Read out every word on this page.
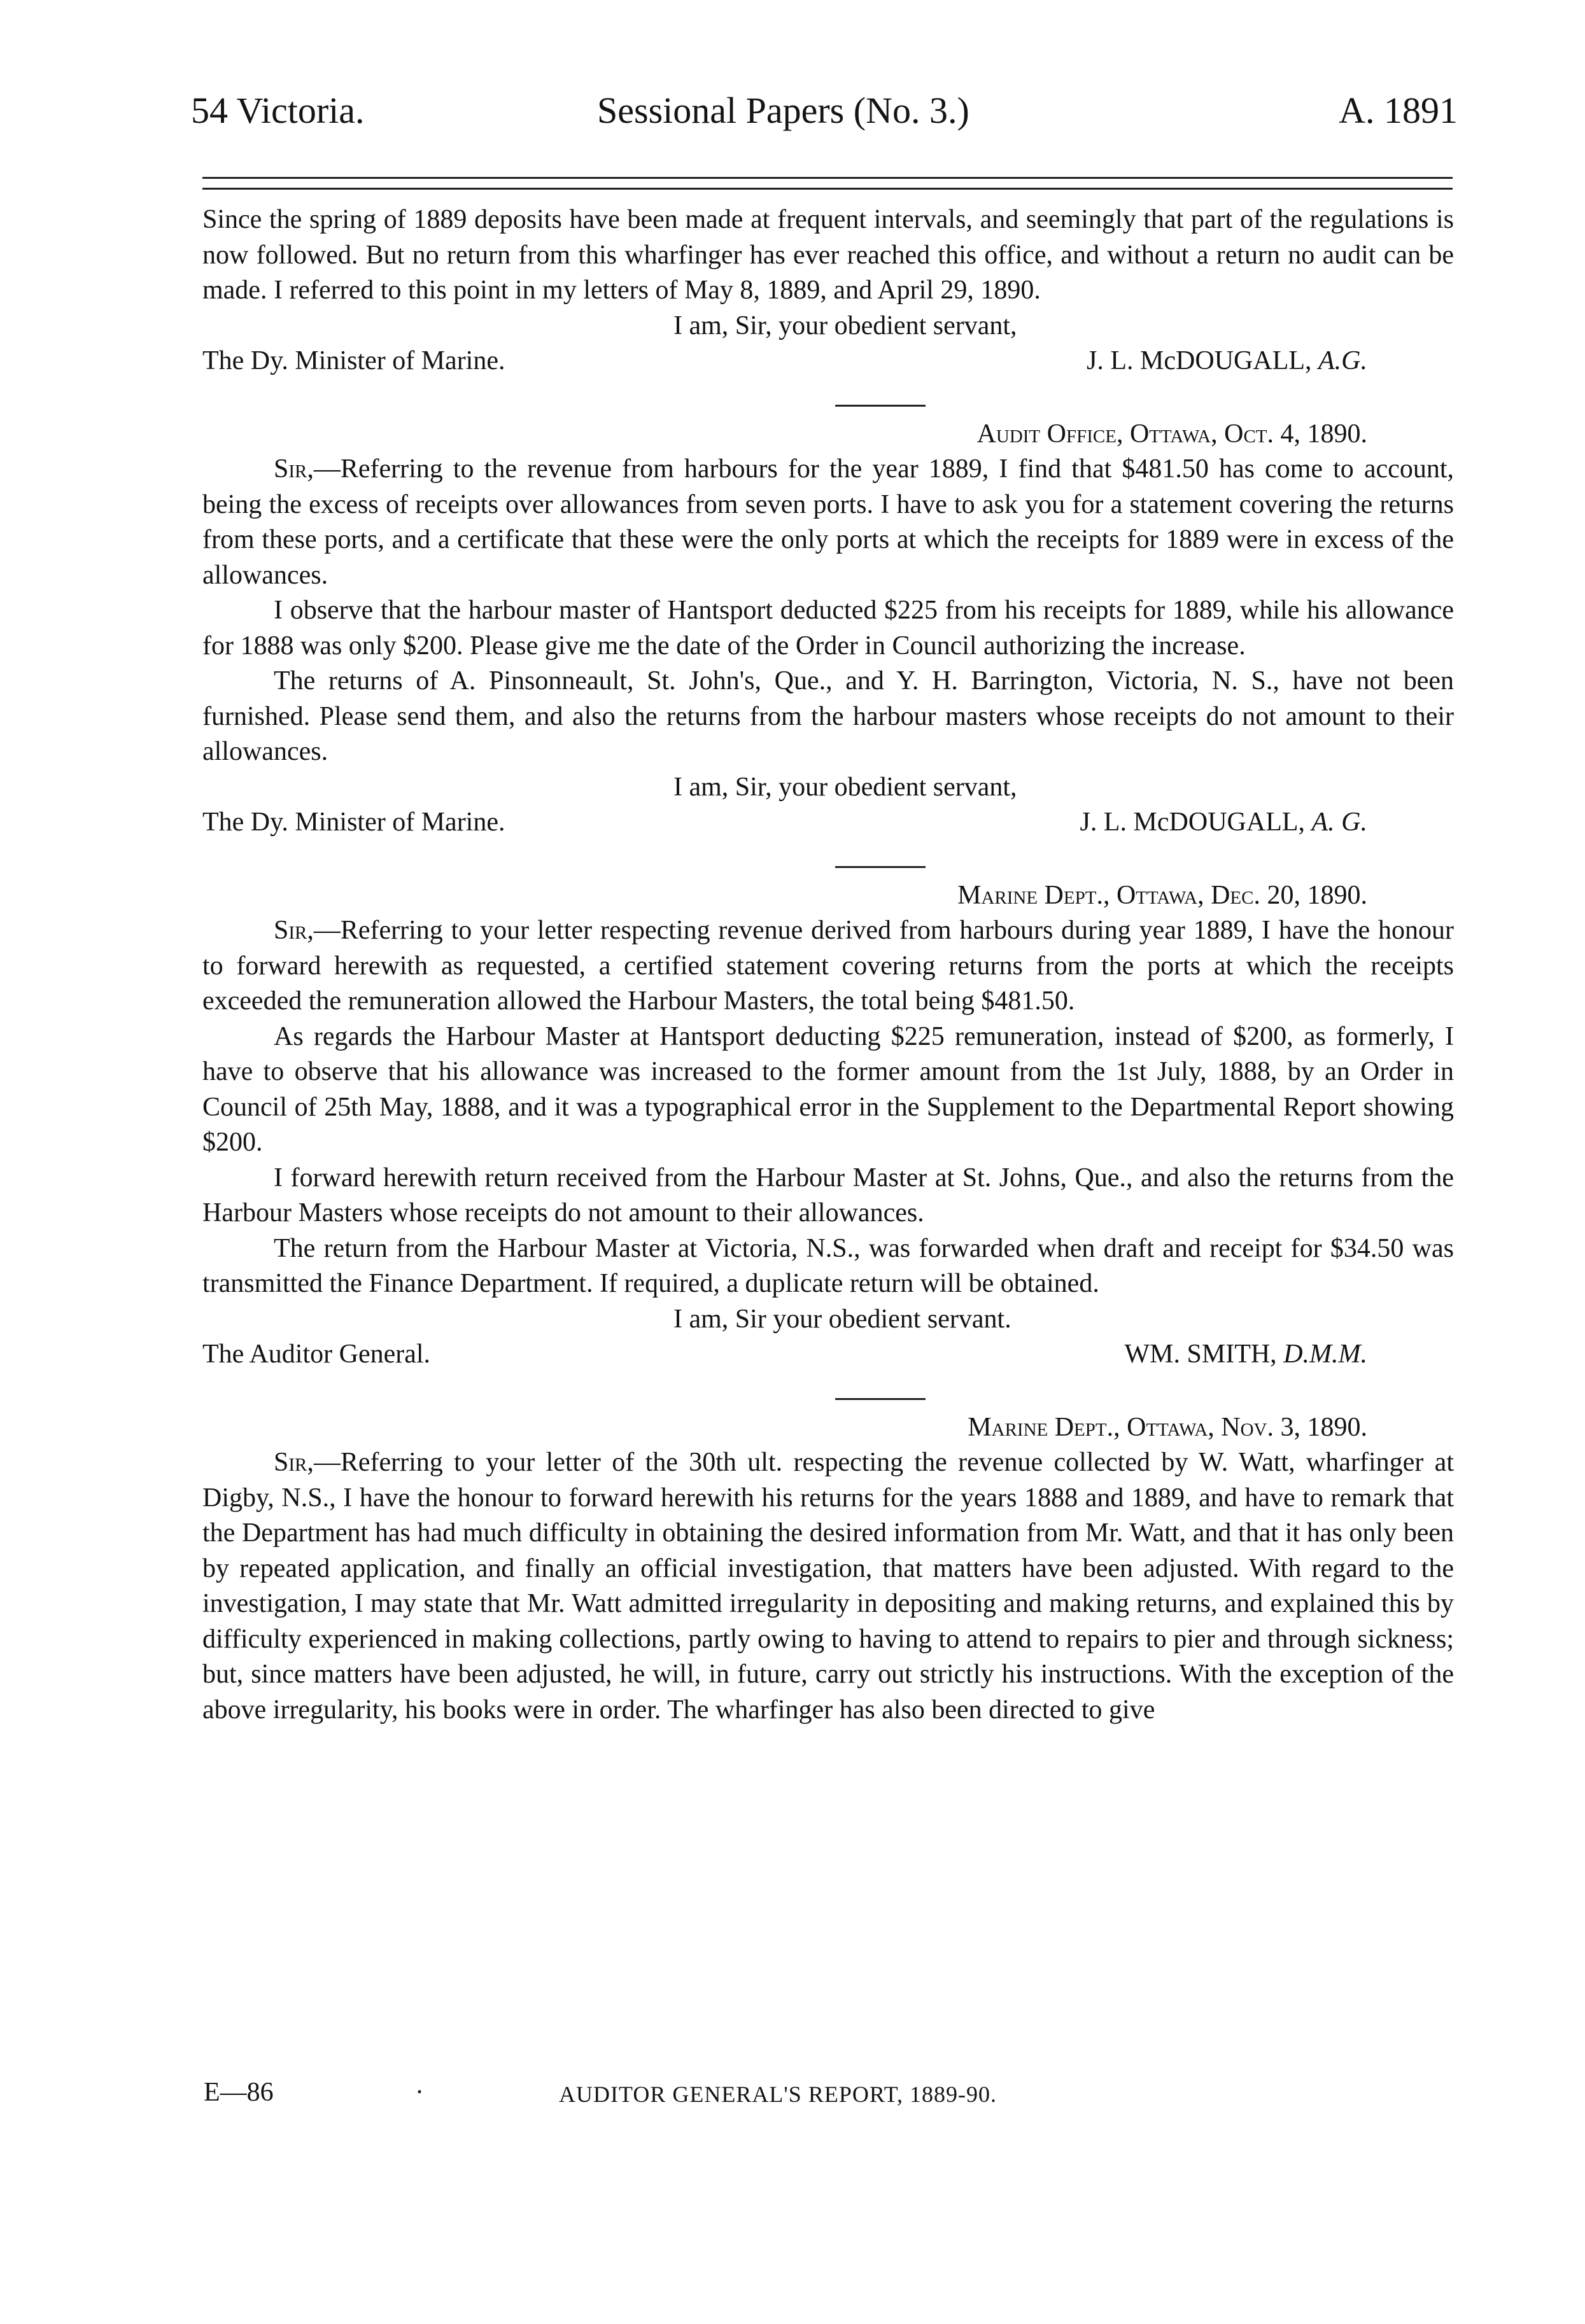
54 Victoria.	Sessional Papers (No. 3.)	A. 1891

Since the spring of 1889 deposits have been made at frequent intervals, and seemingly that part of the regulations is now followed. But no return from this wharfinger has ever reached this office, and without a return no audit can be made. I referred to this point in my letters of May 8, 1889, and April 29, 1890.

I am, Sir, your obedient servant,

The Dy. Minister of Marine.	J. L. McDOUGALL, A.G.

Audit Office, Ottawa, Oct. 4, 1890.

Sir,—Referring to the revenue from harbours for the year 1889, I find that $481.50 has come to account, being the excess of receipts over allowances from seven ports. I have to ask you for a statement covering the returns from these ports, and a certificate that these were the only ports at which the receipts for 1889 were in excess of the allowances.

I observe that the harbour master of Hantsport deducted $225 from his receipts for 1889, while his allowance for 1888 was only $200. Please give me the date of the Order in Council authorizing the increase.

The returns of A. Pinsonneault, St. John's, Que., and Y. H. Barrington, Victoria, N. S., have not been furnished. Please send them, and also the returns from the harbour masters whose receipts do not amount to their allowances.

I am, Sir, your obedient servant,

The Dy. Minister of Marine.	J. L. McDOUGALL, A. G.

Marine Dept., Ottawa, Dec. 20, 1890.

Sir,—Referring to your letter respecting revenue derived from harbours during year 1889, I have the honour to forward herewith as requested, a certified statement covering returns from the ports at which the receipts exceeded the remuneration allowed the Harbour Masters, the total being $481.50.

As regards the Harbour Master at Hantsport deducting $225 remuneration, instead of $200, as formerly, I have to observe that his allowance was increased to the former amount from the 1st July, 1888, by an Order in Council of 25th May, 1888, and it was a typographical error in the Supplement to the Departmental Report showing $200.

I forward herewith return received from the Harbour Master at St. Johns, Que., and also the returns from the Harbour Masters whose receipts do not amount to their allowances.

The return from the Harbour Master at Victoria, N.S., was forwarded when draft and receipt for $34.50 was transmitted the Finance Department. If required, a duplicate return will be obtained.

I am, Sir your obedient servant.

The Auditor General.	WM. SMITH, D.M.M.

Marine Dept., Ottawa, Nov. 3, 1890.

Sir,—Referring to your letter of the 30th ult. respecting the revenue collected by W. Watt, wharfinger at Digby, N.S., I have the honour to forward herewith his returns for the years 1888 and 1889, and have to remark that the Department has had much difficulty in obtaining the desired information from Mr. Watt, and that it has only been by repeated application, and finally an official investigation, that matters have been adjusted. With regard to the investigation, I may state that Mr. Watt admitted irregularity in depositing and making returns, and explained this by difficulty experienced in making collections, partly owing to having to attend to repairs to pier and through sickness; but, since matters have been adjusted, he will, in future, carry out strictly his instructions. With the exception of the above irregularity, his books were in order. The wharfinger has also been directed to give

E—86	·	AUDITOR GENERAL'S REPORT, 1889-90.
